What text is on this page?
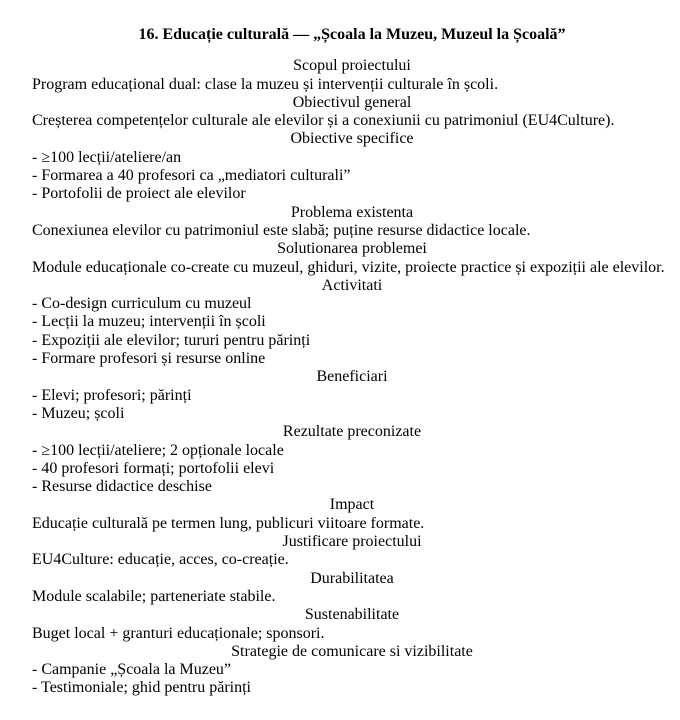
16. Educație culturală — „Școala la Muzeu, Muzeul la Școală”
Scopul proiectului
Program educațional dual: clase la muzeu și intervenții culturale în școli.
Obiectivul general
Creșterea competențelor culturale ale elevilor și a conexiunii cu patrimoniul (EU4Culture).
Obiective specifice
- ≥100 lecții/ateliere/an
- Formarea a 40 profesori ca „mediatori culturali”
- Portofolii de proiect ale elevilor
Problema existenta
Conexiunea elevilor cu patrimoniul este slabă; puține resurse didactice locale.
Solutionarea problemei
Module educaționale co-create cu muzeul, ghiduri, vizite, proiecte practice și expoziții ale elevilor.
Activitati
- Co-design curriculum cu muzeul
- Lecții la muzeu; intervenții în școli
- Expoziții ale elevilor; tururi pentru părinți
- Formare profesori și resurse online
Beneficiari
- Elevi; profesori; părinți
- Muzeu; școli
Rezultate preconizate
- ≥100 lecții/ateliere; 2 opționale locale
- 40 profesori formați; portofolii elevi
- Resurse didactice deschise
Impact
Educație culturală pe termen lung, publicuri viitoare formate.
Justificare proiectului
EU4Culture: educație, acces, co-creație.
Durabilitatea
Module scalabile; parteneriate stabile.
Sustenabilitate
Buget local + granturi educaționale; sponsori.
Strategie de comunicare si vizibilitate
- Campanie „Școala la Muzeu”
- Testimoniale; ghid pentru părinți
